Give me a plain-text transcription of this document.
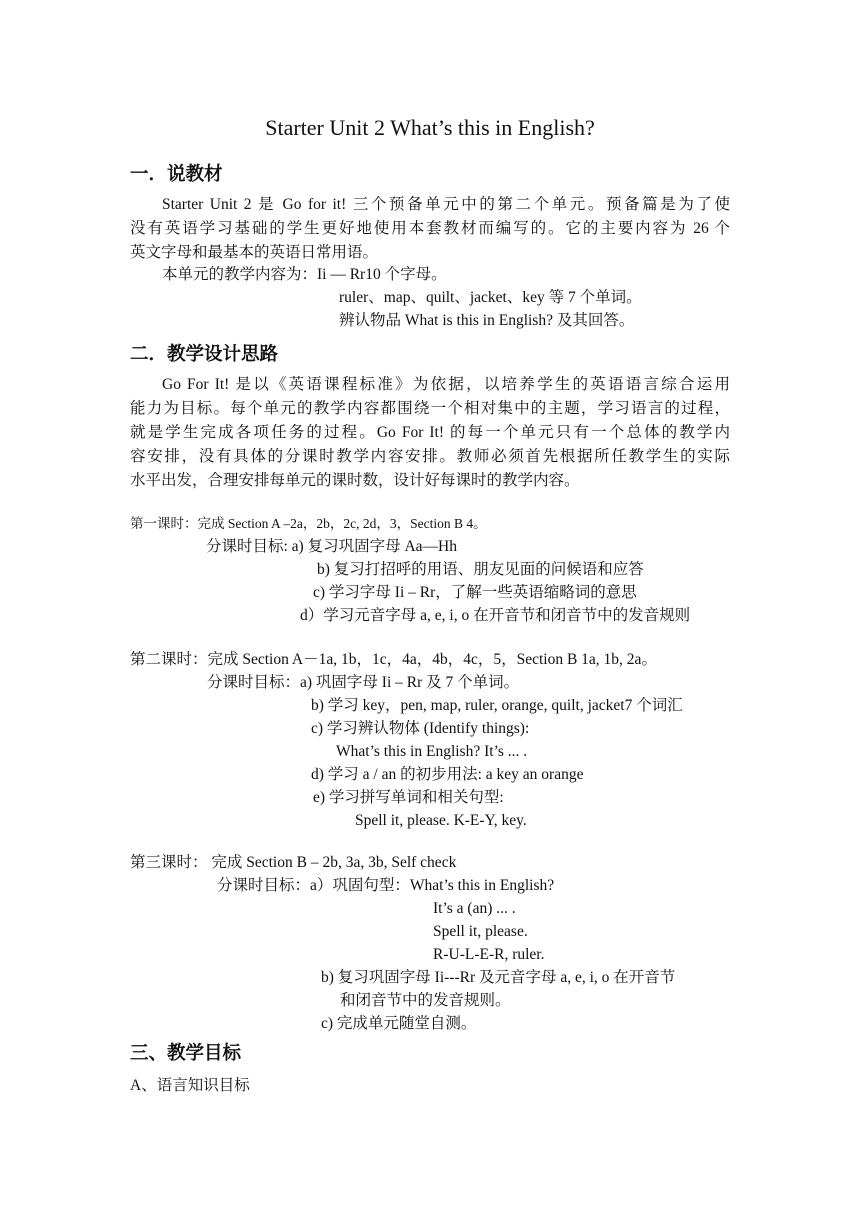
Starter Unit 2 What’s this in English?
一．说教材
Starter Unit 2 是 Go for it! 三个预备单元中的第二个单元。预备篇是为了使
没有英语学习基础的学生更好地使用本套教材而编写的。它的主要内容为 26 个
英文字母和最基本的英语日常用语。
本单元的教学内容为：Ii — Rr10 个字母。
ruler、map、quilt、jacket、key 等 7 个单词。
辨认物品 What is this in English? 及其回答。
二．教学设计思路
Go For It! 是以《英语课程标准》为依据，以培养学生的英语语言综合运用
能力为目标。每个单元的教学内容都围绕一个相对集中的主题，学习语言的过程，
就是学生完成各项任务的过程。Go For It! 的每一个单元只有一个总体的教学内
容安排，没有具体的分课时教学内容安排。教师必须首先根据所任教学生的实际
水平出发，合理安排每单元的课时数，设计好每课时的教学内容。
第一课时：完成 Section A –2a，2b，2c, 2d，3，Section B 4。
分课时目标: a) 复习巩固字母 Aa—Hh
b) 复习打招呼的用语、朋友见面的问候语和应答
c) 学习字母 Ii – Rr，了解一些英语缩略词的意思
d）学习元音字母 a, e, i, o 在开音节和闭音节中的发音规则
第二课时：完成 Section A－1a, 1b，1c，4a，4b，4c，5，Section B 1a, 1b, 2a。
分课时目标：a) 巩固字母 Ii – Rr 及 7 个单词。
b) 学习 key，pen, map, ruler, orange, quilt, jacket7 个词汇
c) 学习辨认物体 (Identify things):
What’s this in English? It’s ... .
d) 学习 a / an 的初步用法: a key an orange
e) 学习拼写单词和相关句型:
Spell it, please. K-E-Y, key.
第三课时： 完成 Section B – 2b, 3a, 3b, Self check
分课时目标：a）巩固句型：What’s this in English?
It’s a (an) ... .
Spell it, please.
R-U-L-E-R, ruler.
b) 复习巩固字母 Ii---Rr 及元音字母 a, e, i, o 在开音节
和闭音节中的发音规则。
c) 完成单元随堂自测。
三、教学目标
A、语言知识目标
